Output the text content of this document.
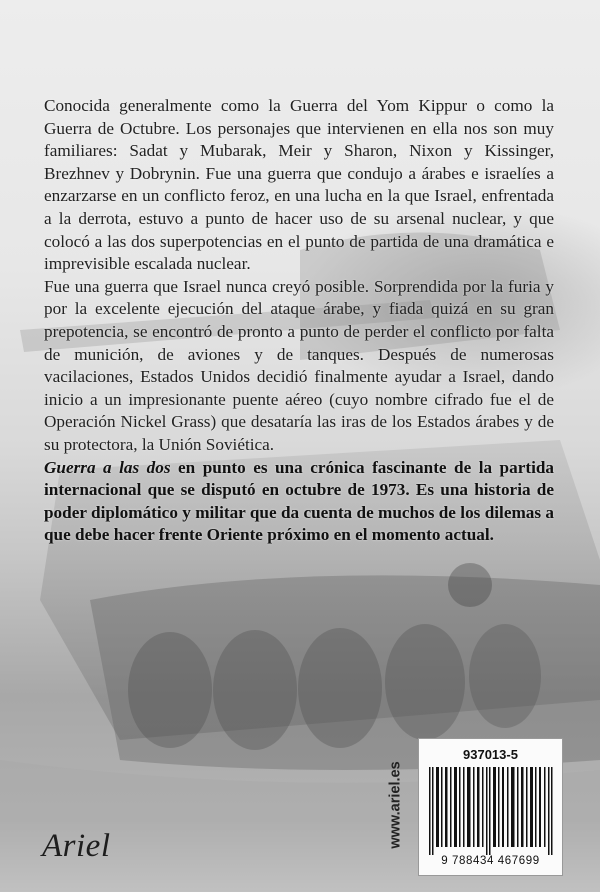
Conocida generalmente como la Guerra del Yom Kippur o como la Guerra de Octubre. Los personajes que intervienen en ella nos son muy familiares: Sadat y Mubarak, Meir y Sharon, Nixon y Kissinger, Brezhnev y Dobrynin. Fue una guerra que condujo a árabes e israelíes a enzarzarse en un conflicto feroz, en una lucha en la que Israel, enfrentada a la derrota, estuvo a punto de hacer uso de su arsenal nuclear, y que colocó a las dos superpotencias en el punto de partida de una dramática e imprevisible escalada nuclear.

Fue una guerra que Israel nunca creyó posible. Sorprendida por la furia y por la excelente ejecución del ataque árabe, y fiada quizá en su gran prepotencia, se encontró de pronto a punto de perder el conflicto por falta de munición, de aviones y de tanques. Después de numerosas vacilaciones, Estados Unidos decidió finalmente ayudar a Israel, dando inicio a un impresionante puente aéreo (cuyo nombre cifrado fue el de Operación Nickel Grass) que desataría las iras de los Estados árabes y de su protectora, la Unión Soviética.

Guerra a las dos en punto es una crónica fascinante de la partida internacional que se disputó en octubre de 1973. Es una historia de poder diplomático y militar que da cuenta de muchos de los dilemas a que debe hacer frente Oriente próximo en el momento actual.

Ariel	www.ariel.es
937013-5
9 788434 467699
